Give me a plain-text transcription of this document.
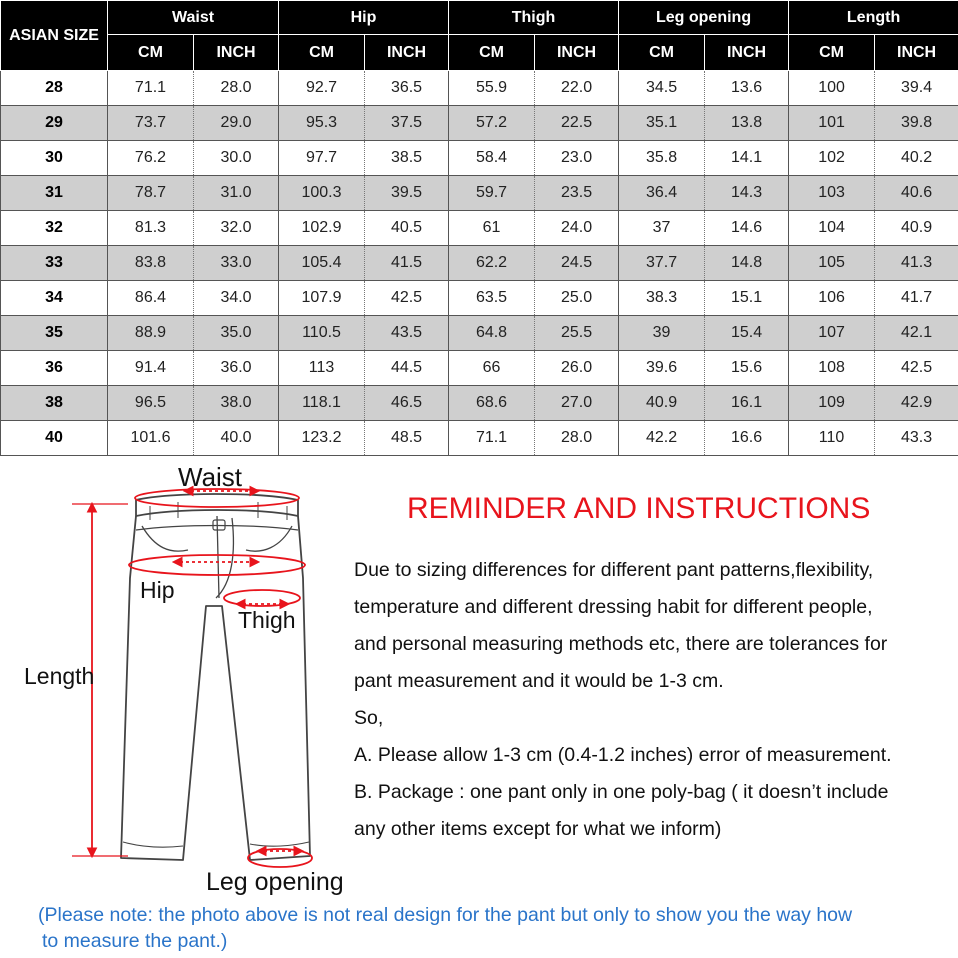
ASIAN SIZE	Waist		Hip		Thigh		Leg opening		Length	
	CM	INCH	CM	INCH	CM	INCH	CM	INCH	CM	INCH
28	71.1	28.0	92.7	36.5	55.9	22.0	34.5	13.6	100	39.4
29	73.7	29.0	95.3	37.5	57.2	22.5	35.1	13.8	101	39.8
30	76.2	30.0	97.7	38.5	58.4	23.0	35.8	14.1	102	40.2
31	78.7	31.0	100.3	39.5	59.7	23.5	36.4	14.3	103	40.6
32	81.3	32.0	102.9	40.5	61	24.0	37	14.6	104	40.9
33	83.8	33.0	105.4	41.5	62.2	24.5	37.7	14.8	105	41.3
34	86.4	34.0	107.9	42.5	63.5	25.0	38.3	15.1	106	41.7
35	88.9	35.0	110.5	43.5	64.8	25.5	39	15.4	107	42.1
36	91.4	36.0	113	44.5	66	26.0	39.6	15.6	108	42.5
38	96.5	38.0	118.1	46.5	68.6	27.0	40.9	16.1	109	42.9
40	101.6	40.0	123.2	48.5	71.1	28.0	42.2	16.6	110	43.3
Waist
Hip
Thigh
Length
Leg opening
REMINDER AND INSTRUCTIONS
Due to sizing differences for different pant patterns,flexibility,
temperature and different dressing habit for different people,
and personal measuring methods etc, there are tolerances for
pant measurement and it would be 1-3 cm.
So,
A. Please allow 1-3 cm (0.4-1.2 inches) error of measurement.
B. Package : one pant only in one poly-bag ( it doesn’t include
any other items except for what we inform)
(Please note: the photo above is not real design for the pant but only to show you the way how
to measure the pant.)
